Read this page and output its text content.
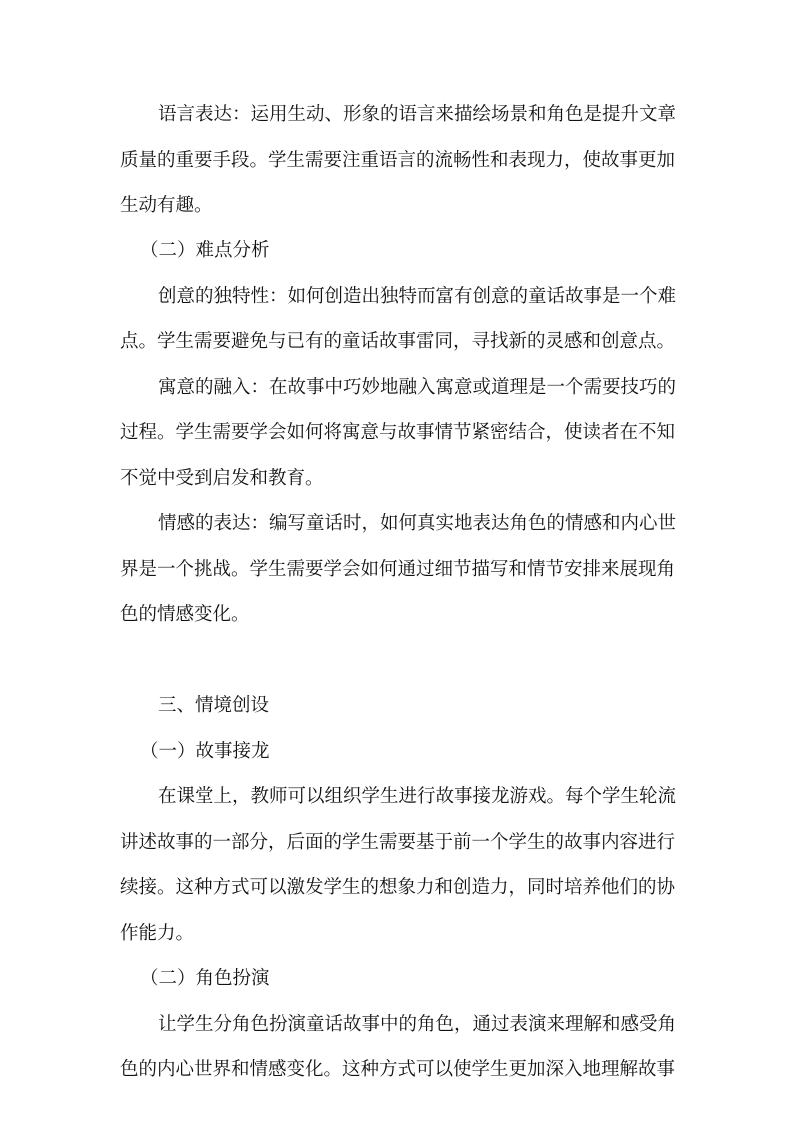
语言表达：运用生动、形象的语言来描绘场景和角色是提升文章
质量的重要手段。学生需要注重语言的流畅性和表现力，使故事更加
生动有趣。
（二）难点分析
创意的独特性：如何创造出独特而富有创意的童话故事是一个难
点。学生需要避免与已有的童话故事雷同，寻找新的灵感和创意点。
寓意的融入：在故事中巧妙地融入寓意或道理是一个需要技巧的
过程。学生需要学会如何将寓意与故事情节紧密结合，使读者在不知
不觉中受到启发和教育。
情感的表达：编写童话时，如何真实地表达角色的情感和内心世
界是一个挑战。学生需要学会如何通过细节描写和情节安排来展现角
色的情感变化。
三、情境创设
（一）故事接龙
在课堂上，教师可以组织学生进行故事接龙游戏。每个学生轮流
讲述故事的一部分，后面的学生需要基于前一个学生的故事内容进行
续接。这种方式可以激发学生的想象力和创造力，同时培养他们的协
作能力。
（二）角色扮演
让学生分角色扮演童话故事中的角色，通过表演来理解和感受角
色的内心世界和情感变化。这种方式可以使学生更加深入地理解故事
